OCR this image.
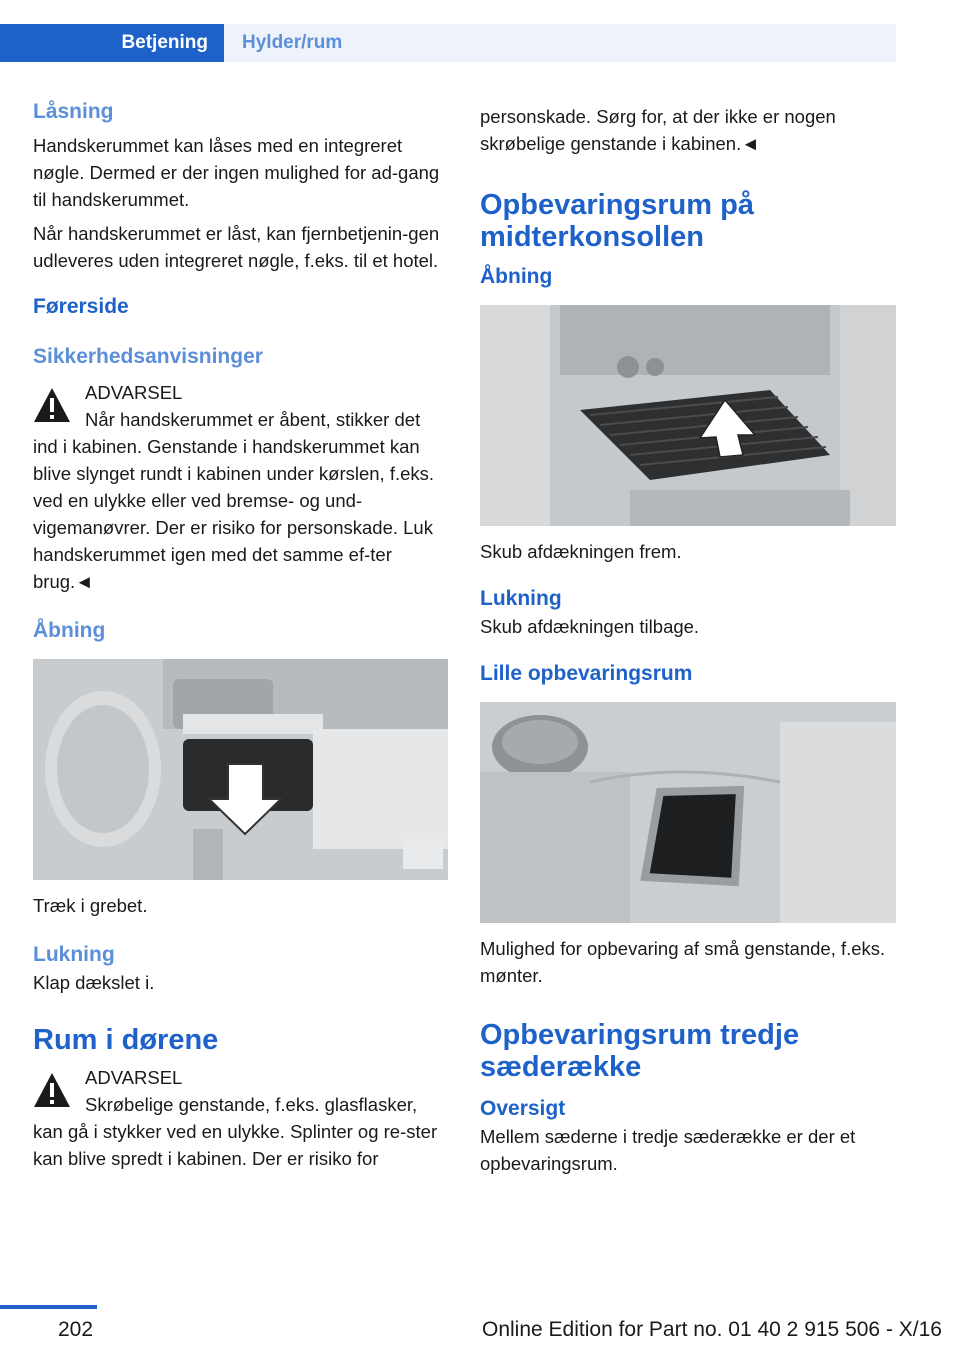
Betjening	Hylder/rum
Låsning
Handskerummet kan låses med en integreret nøgle. Dermed er der ingen mulighed for ad-gang til handskerummet.
Når handskerummet er låst, kan fjernbetjenin-gen udleveres uden integreret nøgle, f.eks. til et hotel.
Førerside
Sikkerhedsanvisninger
ADVARSEL
Når handskerummet er åbent, stikker det ind i kabinen. Genstande i handskerummet kan blive slynget rundt i kabinen under kørslen, f.eks. ved en ulykke eller ved bremse- og und-vigemanøvrer. Der er risiko for personskade. Luk handskerummet igen med det samme ef-ter brug.◄
Åbning
Træk i grebet.
Lukning
Klap dækslet i.
Rum i dørene
ADVARSEL
Skrøbelige genstande, f.eks. glasflasker, kan gå i stykker ved en ulykke. Splinter og re-ster kan blive spredt i kabinen. Der er risiko for
personskade. Sørg for, at der ikke er nogen skrøbelige genstande i kabinen.◄
Opbevaringsrum på midterkonsollen
Åbning
Skub afdækningen frem.
Lukning
Skub afdækningen tilbage.
Lille opbevaringsrum
Mulighed for opbevaring af små genstande, f.eks. mønter.
Opbevaringsrum tredje sæderække
Oversigt
Mellem sæderne i tredje sæderække er der et opbevaringsrum.
202	Online Edition for Part no. 01 40 2 915 506 - X/16
